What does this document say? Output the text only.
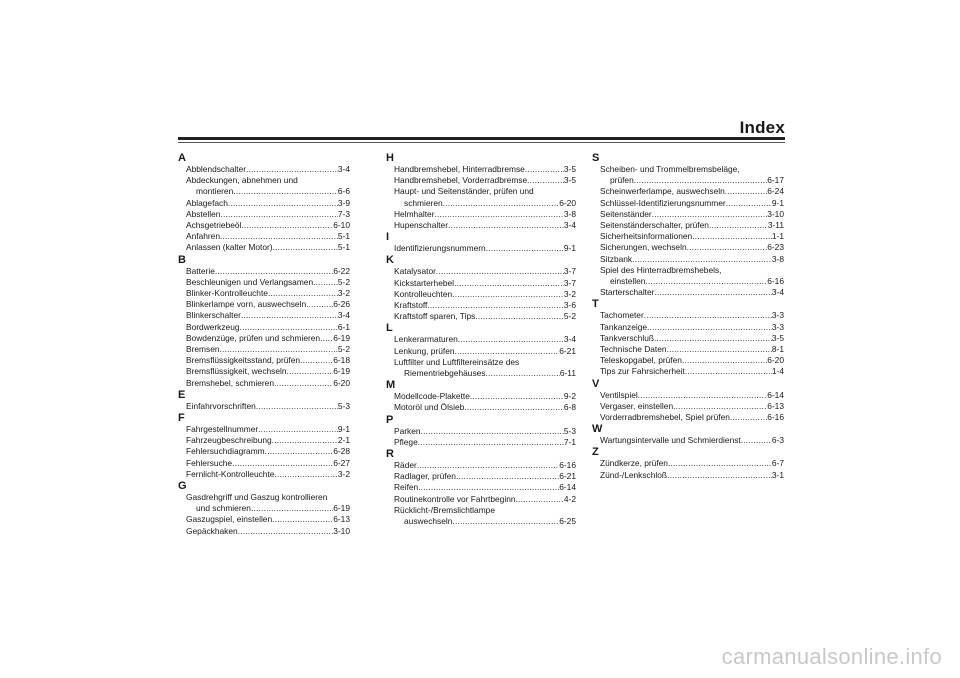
Index
A
Abblendschalter .....	3-4
Abdeckungen, abnehmen und
montieren .....	6-6
Ablagefach .....	3-9
Abstellen .....	7-3
Achsgetriebeöl .....	6-10
Anfahren .....	5-1
Anlassen (kalter Motor) .....	5-1
B
Batterie .....	6-22
Beschleunigen und Verlangsamen .....	5-2
Blinker-Kontrolleuchte .....	3-2
Blinkerlampe vorn, auswechseln .....	6-26
Blinkerschalter .....	3-4
Bordwerkzeug .....	6-1
Bowdenzüge, prüfen und schmieren ..... 6-19
Bremsen .....	5-2
Bremsflüssigkeitsstand, prüfen .....	6-18
Bremsflüssigkeit, wechseln .....	6-19
Bremshebel, schmieren .....	6-20
E
Einfahrvorschriften .....	5-3
F
Fahrgestellnummer .....	9-1
Fahrzeugbeschreibung .....	2-1
Fehlersuchdiagramm .....	6-28
Fehlersuche .....	6-27
Fernlicht-Kontrolleuchte .....	3-2
G
Gasdrehgriff und Gaszug kontrollieren
und schmieren .....	6-19
Gaszugspiel, einstellen .....	6-13
Gepäckhaken .....	3-10
H
Handbremshebel, Hinterradbremse .....	3-5
Handbremshebel, Vorderradbremse .....	3-5
Haupt- und Seitenständer, prüfen und
schmieren .....	6-20
Helmhalter .....	3-8
Hupenschalter .....	3-4
I
Identifizierungsnummern .....	9-1
K
Katalysator .....	3-7
Kickstarterhebel .....	3-7
Kontrolleuchten .....	3-2
Kraftstoff .....	3-6
Kraftstoff sparen, Tips .....	5-2
L
Lenkerarmaturen .....	3-4
Lenkung, prüfen .....	6-21
Luftfilter und Luftfiltereinsätze des
Riementriebgehäuses .....	6-11
M
Modellcode-Plakette .....	9-2
Motoröl und Ölsieb .....	6-8
P
Parken .....	5-3
Pflege .....	7-1
R
Räder .....	6-16
Radlager, prüfen .....	6-21
Reifen .....	6-14
Routinekontrolle vor Fahrtbeginn .....	4-2
Rücklicht-/Bremslichtlampe
auswechseln .....	6-25
S
Scheiben- und Trommelbremsbeläge,
prüfen .....	6-17
Scheinwerferlampe, auswechseln .....	6-24
Schlüssel-Identifizierungsnummer .....	9-1
Seitenständer .....	3-10
Seitenständerschalter, prüfen .....	3-11
Sicherheitsinformationen .....	1-1
Sicherungen, wechseln .....	6-23
Sitzbank .....	3-8
Spiel des Hinterradbremshebels,
einstellen .....	6-16
Starterschalter .....	3-4
T
Tachometer .....	3-3
Tankanzeige .....	3-3
Tankverschluß .....	3-5
Technische Daten .....	8-1
Teleskopgabel, prüfen .....	6-20
Tips zur Fahrsicherheit .....	1-4
V
Ventilspiel .....	6-14
Vergaser, einstellen .....	6-13
Vorderradbremshebel, Spiel prüfen .....	6-16
W
Wartungsintervalle und Schmierdienst .....	6-3
Z
Zündkerze, prüfen .....	6-7
Zünd-/Lenkschloß .....	3-1
carmanualsonline.info
